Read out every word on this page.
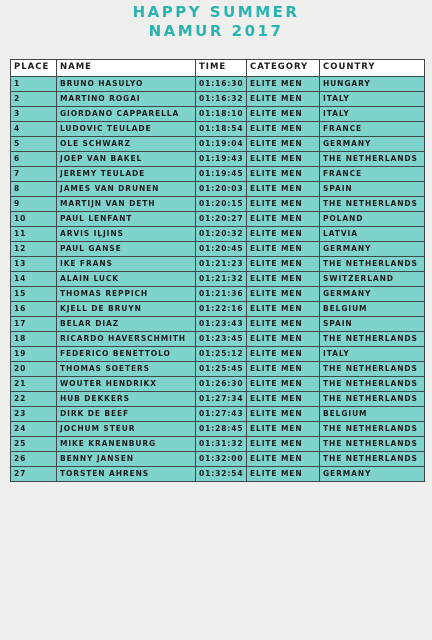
HAPPY SUMMER
NAMUR 2017
PLACE	NAME	TIME	CATEGORY	COUNTRY
1	BRUNO HASULYO	01:16:30	ELITE MEN	HUNGARY
2	MARTINO ROGAI	01:16:32	ELITE MEN	ITALY
3	GIORDANO CAPPARELLA	01:18:10	ELITE MEN	ITALY
4	LUDOVIC TEULADE	01:18:54	ELITE MEN	FRANCE
5	OLE SCHWARZ	01:19:04	ELITE MEN	GERMANY
6	JOEP VAN BAKEL	01:19:43	ELITE MEN	THE NETHERLANDS
7	JEREMY TEULADE	01:19:45	ELITE MEN	FRANCE
8	JAMES VAN DRUNEN	01:20:03	ELITE MEN	SPAIN
9	MARTIJN VAN DETH	01:20:15	ELITE MEN	THE NETHERLANDS
10	PAUL LENFANT	01:20:27	ELITE MEN	POLAND
11	ARVIS IĻJINS	01:20:32	ELITE MEN	LATVIA
12	PAUL GANSE	01:20:45	ELITE MEN	GERMANY
13	IKE FRANS	01:21:23	ELITE MEN	THE NETHERLANDS
14	ALAIN LUCK	01:21:32	ELITE MEN	SWITZERLAND
15	THOMAS REPPICH	01:21:36	ELITE MEN	GERMANY
16	KJELL DE BRUYN	01:22:16	ELITE MEN	BELGIUM
17	BELAR DIAZ	01:23:43	ELITE MEN	SPAIN
18	RICARDO HAVERSCHMITH	01:23:45	ELITE MEN	THE NETHERLANDS
19	FEDERICO BENETTOLO	01:25:12	ELITE MEN	ITALY
20	THOMAS SOETERS	01:25:45	ELITE MEN	THE NETHERLANDS
21	WOUTER HENDRIKX	01:26:30	ELITE MEN	THE NETHERLANDS
22	HUB DEKKERS	01:27:34	ELITE MEN	THE NETHERLANDS
23	DIRK DE BEEF	01:27:43	ELITE MEN	BELGIUM
24	JOCHUM STEUR	01:28:45	ELITE MEN	THE NETHERLANDS
25	MIKE KRANENBURG	01:31:32	ELITE MEN	THE NETHERLANDS
26	BENNY JANSEN	01:32:00	ELITE MEN	THE NETHERLANDS
27	TORSTEN AHRENS	01:32:54	ELITE MEN	GERMANY
